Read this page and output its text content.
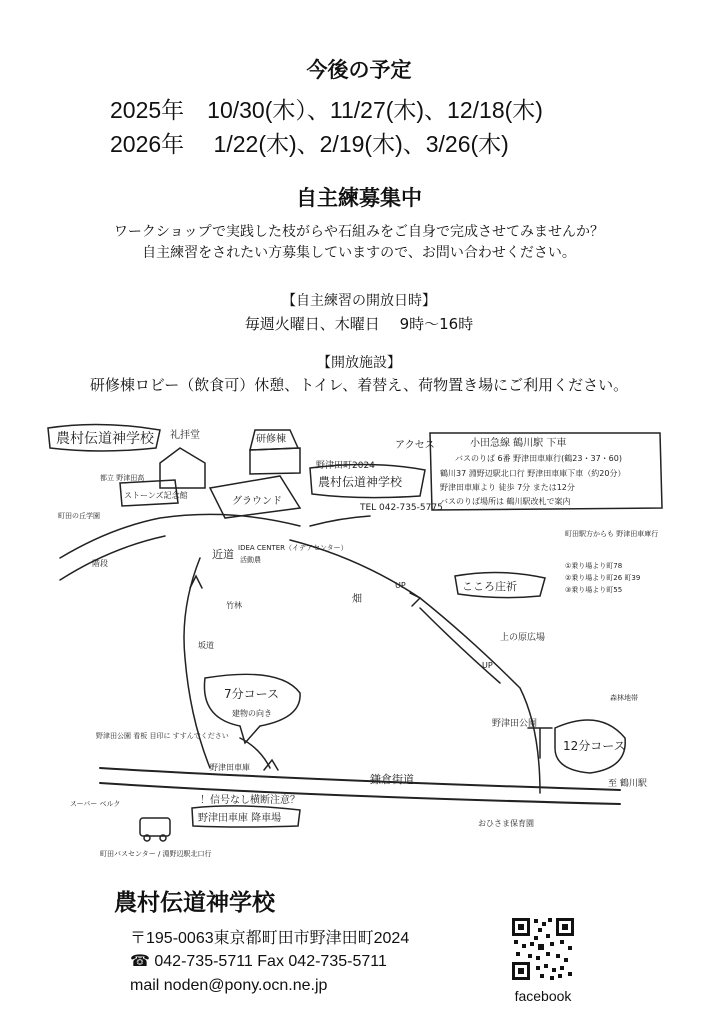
今後の予定
2025年　10/30(木）、11/27(木)、12/18(木)
2026年　 1/22(木)、2/19(木)、3/26(木)
自主練募集中
ワークショップで実践した枝がらや石組みをご自身で完成させてみませんか？
自主練習をされたい方募集していますので、お問い合わせください。
【自主練習の開放日時】
毎週火曜日、木曜日　 9時～16時
【開放施設】
研修棟ロビー（飲食可）休憩、トイレ、着替え、荷物置き場にご利用ください。
農村伝道神学校 礼拝堂
ストーンズ記念館
研修棟
グラウンド
野津田町2024
農村伝道神学校
TEL 042-735-5775
アクセス	小田急線 鶴川駅 下車
バスのりば 6番 野津田車庫行(鶴23・37・60)
鶴川37 淵野辺駅北口行 野津田車庫下車（約20分）
野津田車庫より 徒歩 7分 または12分
バスのりば場所は 鶴川駅改札で案内
町田駅方からも 野津田車庫行
①乗り場より町78
②乗り場より町26 町39
③乗り場より町55
IDEA CENTER（イデアセンター）
活動農
こころ庄祈
上の原広場
畑
竹林
近道
階段
坂道
7分コース
建物の向き
12分コース
鎌倉街道	至 鶴川駅
野津田公園
野津田公園 看板 目印に すすんでください
野津田車庫
！信号なし横断注意？
野津田車庫 降車場
スーパー ベルク
都立 野津田高
町田の丘学園
UP
UP
町田バスセンター / 淵野辺駅北口行
おひさま保育園
森林地帯
農村伝道神学校
〒195-0063東京都町田市野津田町2024
☎ 042-735-5711 Fax 042-735-5711
mail noden@pony.ocn.ne.jp
facebook
